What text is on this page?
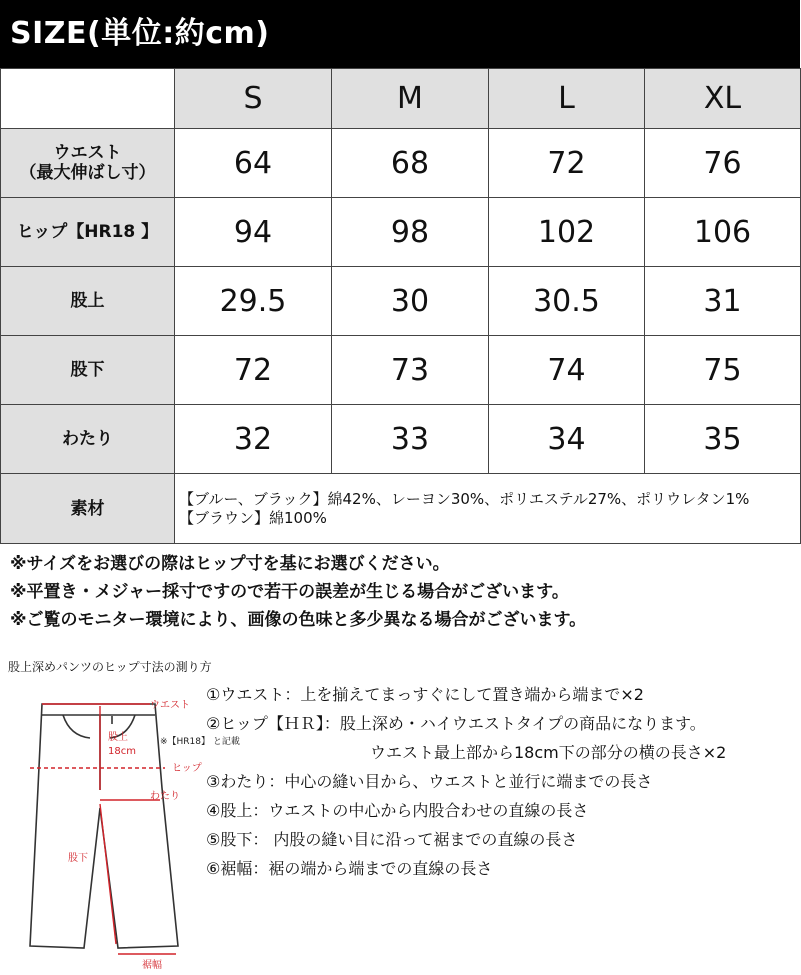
SIZE(単位:約cm)
	S	M	L	XL

ウエスト
（最大伸ばし寸）	64	68	72	76
ヒップ【HR18 】	94	98	102	106
股上	29.5	30	30.5	31
股下	72	73	74	75
わたり	32	33	34	35
素材	【ブルー、ブラック】綿42%、レーヨン30%、ポリエステル27%、ポリウレタン1%
【ブラウン】綿100%			
※サイズをお選びの際はヒップ寸を基にお選びください。
※平置き・メジャー採寸ですので若干の誤差が生じる場合がございます。
※ご覧のモニター環境により、画像の色味と多少異なる場合がございます。
股上深めパンツのヒップ寸法の測り方
ウエスト
股上
18cm
※【HR18】 と記載
ヒップ
わたり
股下
裾幅
①ウエスト：上を揃えてまっすぐにして置き端から端まで×2
②ヒップ【ＨＲ】：股上深め・ハイウエストタイプの商品になります。
ウエスト最上部から18cm下の部分の横の長さ×2
③わたり：中心の縫い目から、ウエストと並行に端までの長さ
④股上：ウエストの中心から内股合わせの直線の長さ
⑤股下： 内股の縫い目に沿って裾までの直線の長さ
⑥裾幅：裾の端から端までの直線の長さ
